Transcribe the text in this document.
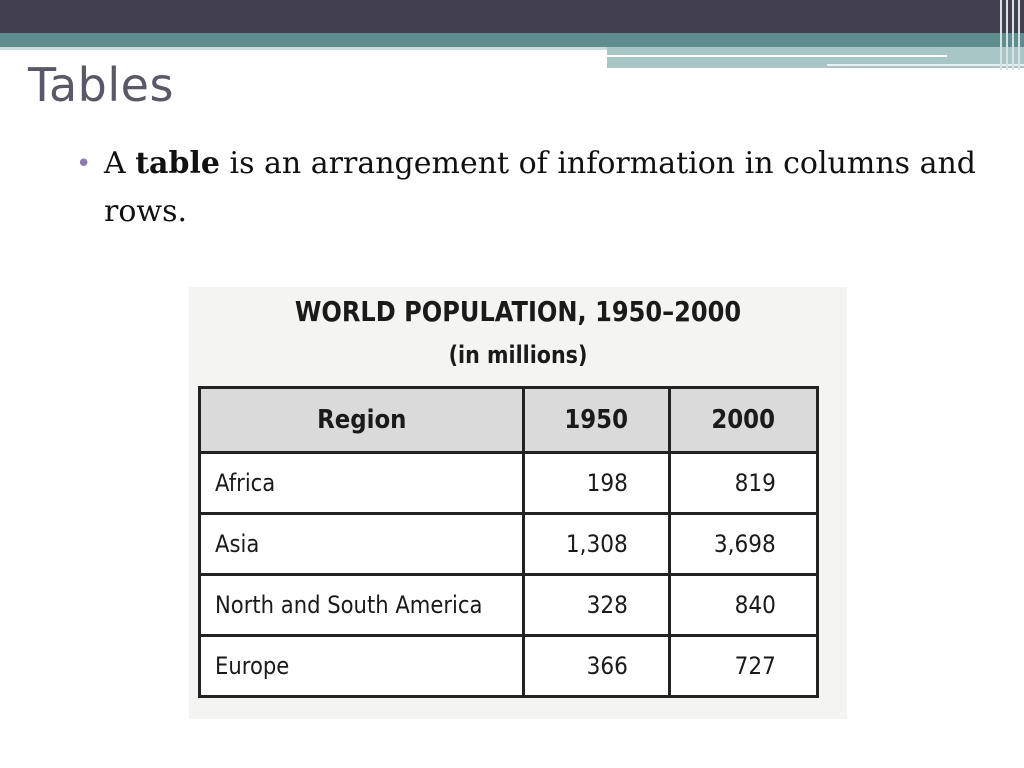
Tables
• A table is an arrangement of information in columns and rows.
WORLD POPULATION, 1950–2000
(in millions)
Region	1950	2000
Africa	198	819
Asia	1,308	3,698
North and South America	328	840
Europe	366	727
